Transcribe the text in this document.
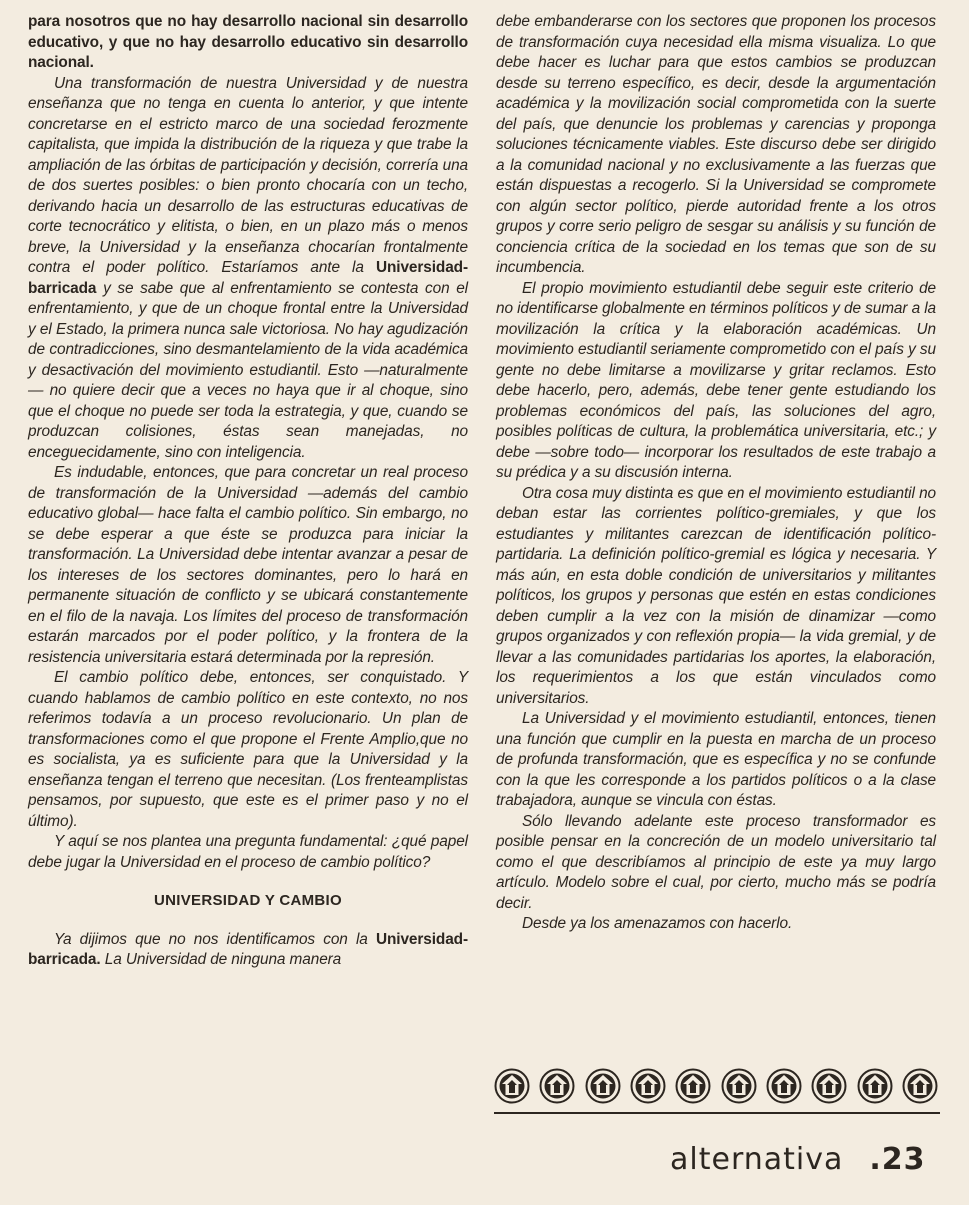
para nosotros que no hay desarrollo nacional sin desarrollo educativo, y que no hay desarrollo educativo sin desarrollo nacional.

Una transformación de nuestra Universidad y de nuestra enseñanza que no tenga en cuenta lo anterior, y que intente concretarse en el estricto marco de una sociedad ferozmente capitalista, que impida la distribución de la riqueza y que trabe la ampliación de las órbitas de participación y decisión, correría una de dos suertes posibles: o bien pronto chocaría con un techo, derivando hacia un desarrollo de las estructuras educativas de corte tecnocrático y elitista, o bien, en un plazo más o menos breve, la Universidad y la enseñanza chocarían frontalmente contra el poder político. Estaríamos ante la Universidad-barricada y se sabe que al enfrentamiento se contesta con el enfrentamiento, y que de un choque frontal entre la Universidad y el Estado, la primera nunca sale victoriosa. No hay agudización de contradicciones, sino desmantelamiento de la vida académica y desactivación del movimiento estudiantil. Esto —naturalmente— no quiere decir que a veces no haya que ir al choque, sino que el choque no puede ser toda la estrategia, y que, cuando se produzcan colisiones, éstas sean manejadas, no enceguecidamente, sino con inteligencia.

Es indudable, entonces, que para concretar un real proceso de transformación de la Universidad —además del cambio educativo global— hace falta el cambio político. Sin embargo, no se debe esperar a que éste se produzca para iniciar la transformación. La Universidad debe intentar avanzar a pesar de los intereses de los sectores dominantes, pero lo hará en permanente situación de conflicto y se ubicará constantemente en el filo de la navaja. Los límites del proceso de transformación estarán marcados por el poder político, y la frontera de la resistencia universitaria estará determinada por la represión.

El cambio político debe, entonces, ser conquistado. Y cuando hablamos de cambio político en este contexto, no nos referimos todavía a un proceso revolucionario. Un plan de transformaciones como el que propone el Frente Amplio,que no es socialista, ya es suficiente para que la Universidad y la enseñanza tengan el terreno que necesitan. (Los frenteamplistas pensamos, por supuesto, que este es el primer paso y no el último).

Y aquí se nos plantea una pregunta fundamental: ¿qué papel debe jugar la Universidad en el proceso de cambio político?

UNIVERSIDAD Y CAMBIO

Ya dijimos que no nos identificamos con la Universidad-barricada. La Universidad de ninguna manera

debe embanderarse con los sectores que proponen los procesos de transformación cuya necesidad ella misma visualiza. Lo que debe hacer es luchar para que estos cambios se produzcan desde su terreno específico, es decir, desde la argumentación académica y la movilización social comprometida con la suerte del país, que denuncie los problemas y carencias y proponga soluciones técnicamente viables. Este discurso debe ser dirigido a la comunidad nacional y no exclusivamente a las fuerzas que están dispuestas a recogerlo. Si la Universidad se compromete con algún sector político, pierde autoridad frente a los otros grupos y corre serio peligro de sesgar su análisis y su función de conciencia crítica de la sociedad en los temas que son de su incumbencia.

El propio movimiento estudiantil debe seguir este criterio de no identificarse globalmente en términos políticos y de sumar a la movilización la crítica y la elaboración académicas. Un movimiento estudiantil seriamente comprometido con el país y su gente no debe limitarse a movilizarse y gritar reclamos. Esto debe hacerlo, pero, además, debe tener gente estudiando los problemas económicos del país, las soluciones del agro, posibles políticas de cultura, la problemática universitaria, etc.; y debe —sobre todo— incorporar los resultados de este trabajo a su prédica y a su discusión interna.

Otra cosa muy distinta es que en el movimiento estudiantil no deban estar las corrientes político-gremiales, y que los estudiantes y militantes carezcan de identificación político-partidaria. La definición político-gremial es lógica y necesaria. Y más aún, en esta doble condición de universitarios y militantes políticos, los grupos y personas que estén en estas condiciones deben cumplir a la vez con la misión de dinamizar —como grupos organizados y con reflexión propia— la vida gremial, y de llevar a las comunidades partidarias los aportes, la elaboración, los requerimientos a los que están vinculados como universitarios.

La Universidad y el movimiento estudiantil, entonces, tienen una función que cumplir en la puesta en marcha de un proceso de profunda transformación, que es específica y no se confunde con la que les corresponde a los partidos políticos o a la clase trabajadora, aunque se vincula con éstas.

Sólo llevando adelante este proceso transformador es posible pensar en la concreción de un modelo universitario tal como el que describíamos al principio de este ya muy largo artículo. Modelo sobre el cual, por cierto, mucho más se podría decir.

Desde ya los amenazamos con hacerlo.

alternativa .23
